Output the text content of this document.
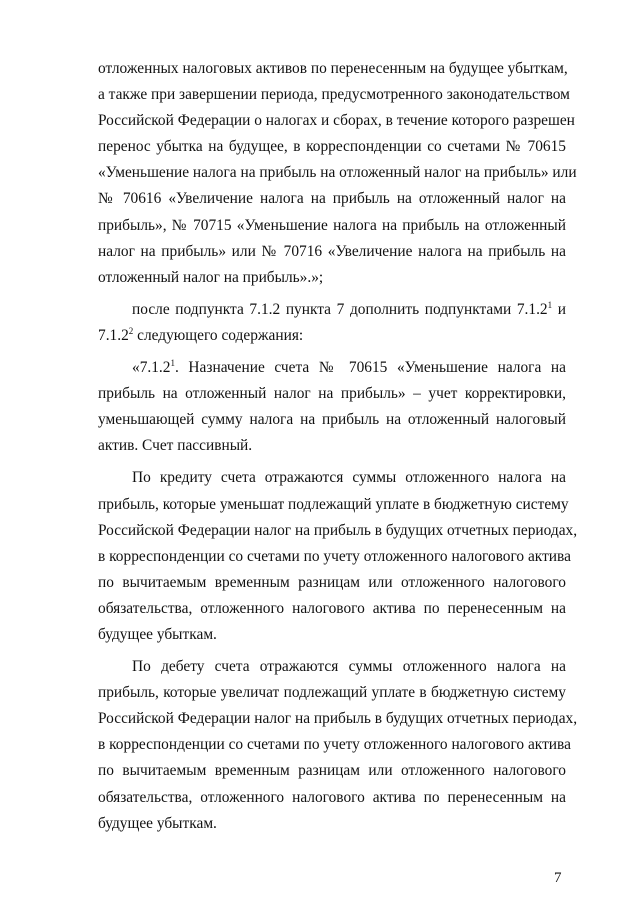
отложенных налоговых активов по перенесенным на будущее убыткам,
а также при завершении периода, предусмотренного законодательством
Российской Федерации о налогах и сборах, в течение которого разрешен
перенос убытка на будущее, в корреспонденции со счетами № 70615
«Уменьшение налога на прибыль на отложенный налог на прибыль» или
№ 70616 «Увеличение налога на прибыль на отложенный налог на
прибыль», № 70715 «Уменьшение налога на прибыль на отложенный
налог на прибыль» или № 70716 «Увеличение налога на прибыль на
отложенный налог на прибыль».»;
после подпункта 7.1.2 пункта 7 дополнить подпунктами 7.1.2$^1$ и
7.1.2$^2$ следующего содержания:
«7.1.2$^1$. Назначение счета № 70615 «Уменьшение налога на
прибыль на отложенный налог на прибыль» – учет корректировки,
уменьшающей сумму налога на прибыль на отложенный налоговый
актив. Счет пассивный.
По кредиту счета отражаются суммы отложенного налога на
прибыль, которые уменьшат подлежащий уплате в бюджетную систему
Российской Федерации налог на прибыль в будущих отчетных периодах,
в корреспонденции со счетами по учету отложенного налогового актива
по вычитаемым временным разницам или отложенного налогового
обязательства, отложенного налогового актива по перенесенным на
будущее убыткам.
По дебету счета отражаются суммы отложенного налога на
прибыль, которые увеличат подлежащий уплате в бюджетную систему
Российской Федерации налог на прибыль в будущих отчетных периодах,
в корреспонденции со счетами по учету отложенного налогового актива
по вычитаемым временным разницам или отложенного налогового
обязательства, отложенного налогового актива по перенесенным на
будущее убыткам.
7
